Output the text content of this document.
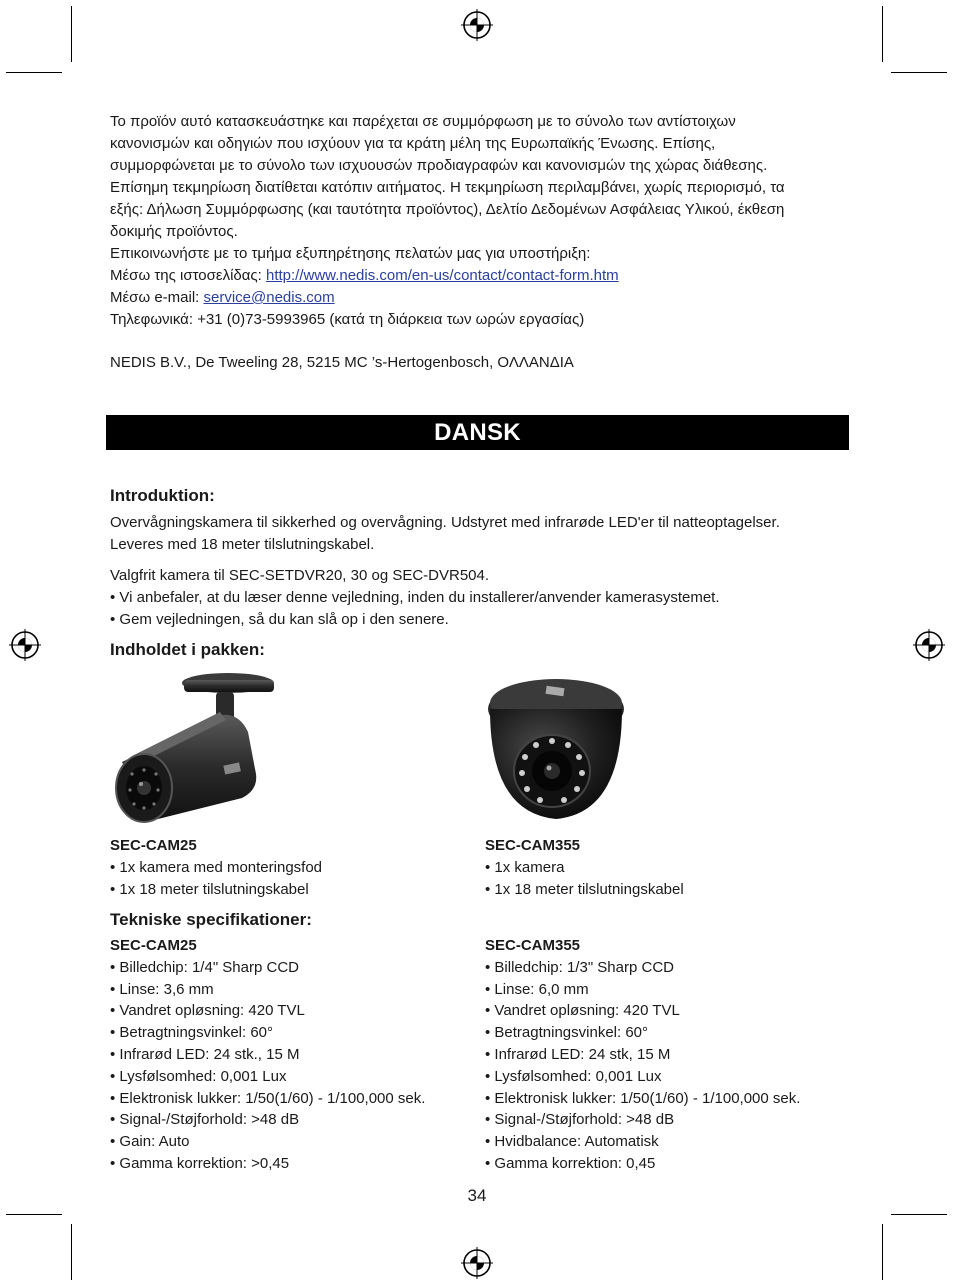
Το προϊόν αυτό κατασκευάστηκε και παρέχεται σε συμμόρφωση με το σύνολο των αντίστοιχων
κανονισμών και οδηγιών που ισχύουν για τα κράτη μέλη της Ευρωπαϊκής Ένωσης. Επίσης,
συμμορφώνεται με το σύνολο των ισχυουσών προδιαγραφών και κανονισμών της χώρας διάθεσης.
Επίσημη τεκμηρίωση διατίθεται κατόπιν αιτήματος. Η τεκμηρίωση περιλαμβάνει, χωρίς περιορισμό, τα
εξής: Δήλωση Συμμόρφωσης (και ταυτότητα προϊόντος), Δελτίο Δεδομένων Ασφάλειας Υλικού, έκθεση
δοκιμής προϊόντος.
Επικοινωνήστε με το τμήμα εξυπηρέτησης πελατών μας για υποστήριξη:
Μέσω της ιστοσελίδας: http://www.nedis.com/en-us/contact/contact-form.htm
Μέσω e-mail: service@nedis.com
Τηλεφωνικά: +31 (0)73-5993965 (κατά τη διάρκεια των ωρών εργασίας)
NEDIS B.V., De Tweeling 28, 5215 MC ’s-Hertogenbosch, ΟΛΛΑΝΔΙΑ
DANSK
Introduktion:
Overvågningskamera til sikkerhed og overvågning. Udstyret med infrarøde LED'er til natteoptagelser.
Leveres med 18 meter tilslutningskabel.
Valgfrit kamera til SEC-SETDVR20, 30 og SEC-DVR504.
• Vi anbefaler, at du læser denne vejledning, inden du installerer/anvender kamerasystemet.
• Gem vejledningen, så du kan slå op i den senere.
Indholdet i pakken:
SEC-CAM25
• 1x kamera med monteringsfod
• 1x 18 meter tilslutningskabel
SEC-CAM355
• 1x kamera
• 1x 18 meter tilslutningskabel
Tekniske specifikationer:
SEC-CAM25
• Billedchip: 1/4" Sharp CCD
• Linse: 3,6 mm
• Vandret opløsning: 420 TVL
• Betragtningsvinkel: 60°
• Infrarød LED: 24 stk., 15 M
• Lysfølsomhed: 0,001 Lux
• Elektronisk lukker: 1/50(1/60) - 1/100,000 sek.
• Signal-/Støjforhold: >48 dB
• Gain: Auto
• Gamma korrektion: >0,45
SEC-CAM355
• Billedchip: 1/3" Sharp CCD
• Linse: 6,0 mm
• Vandret opløsning: 420 TVL
• Betragtningsvinkel: 60°
• Infrarød LED: 24 stk, 15 M
• Lysfølsomhed: 0,001 Lux
• Elektronisk lukker: 1/50(1/60) - 1/100,000 sek.
• Signal-/Støjforhold: >48 dB
• Hvidbalance: Automatisk
• Gamma korrektion: 0,45
34
